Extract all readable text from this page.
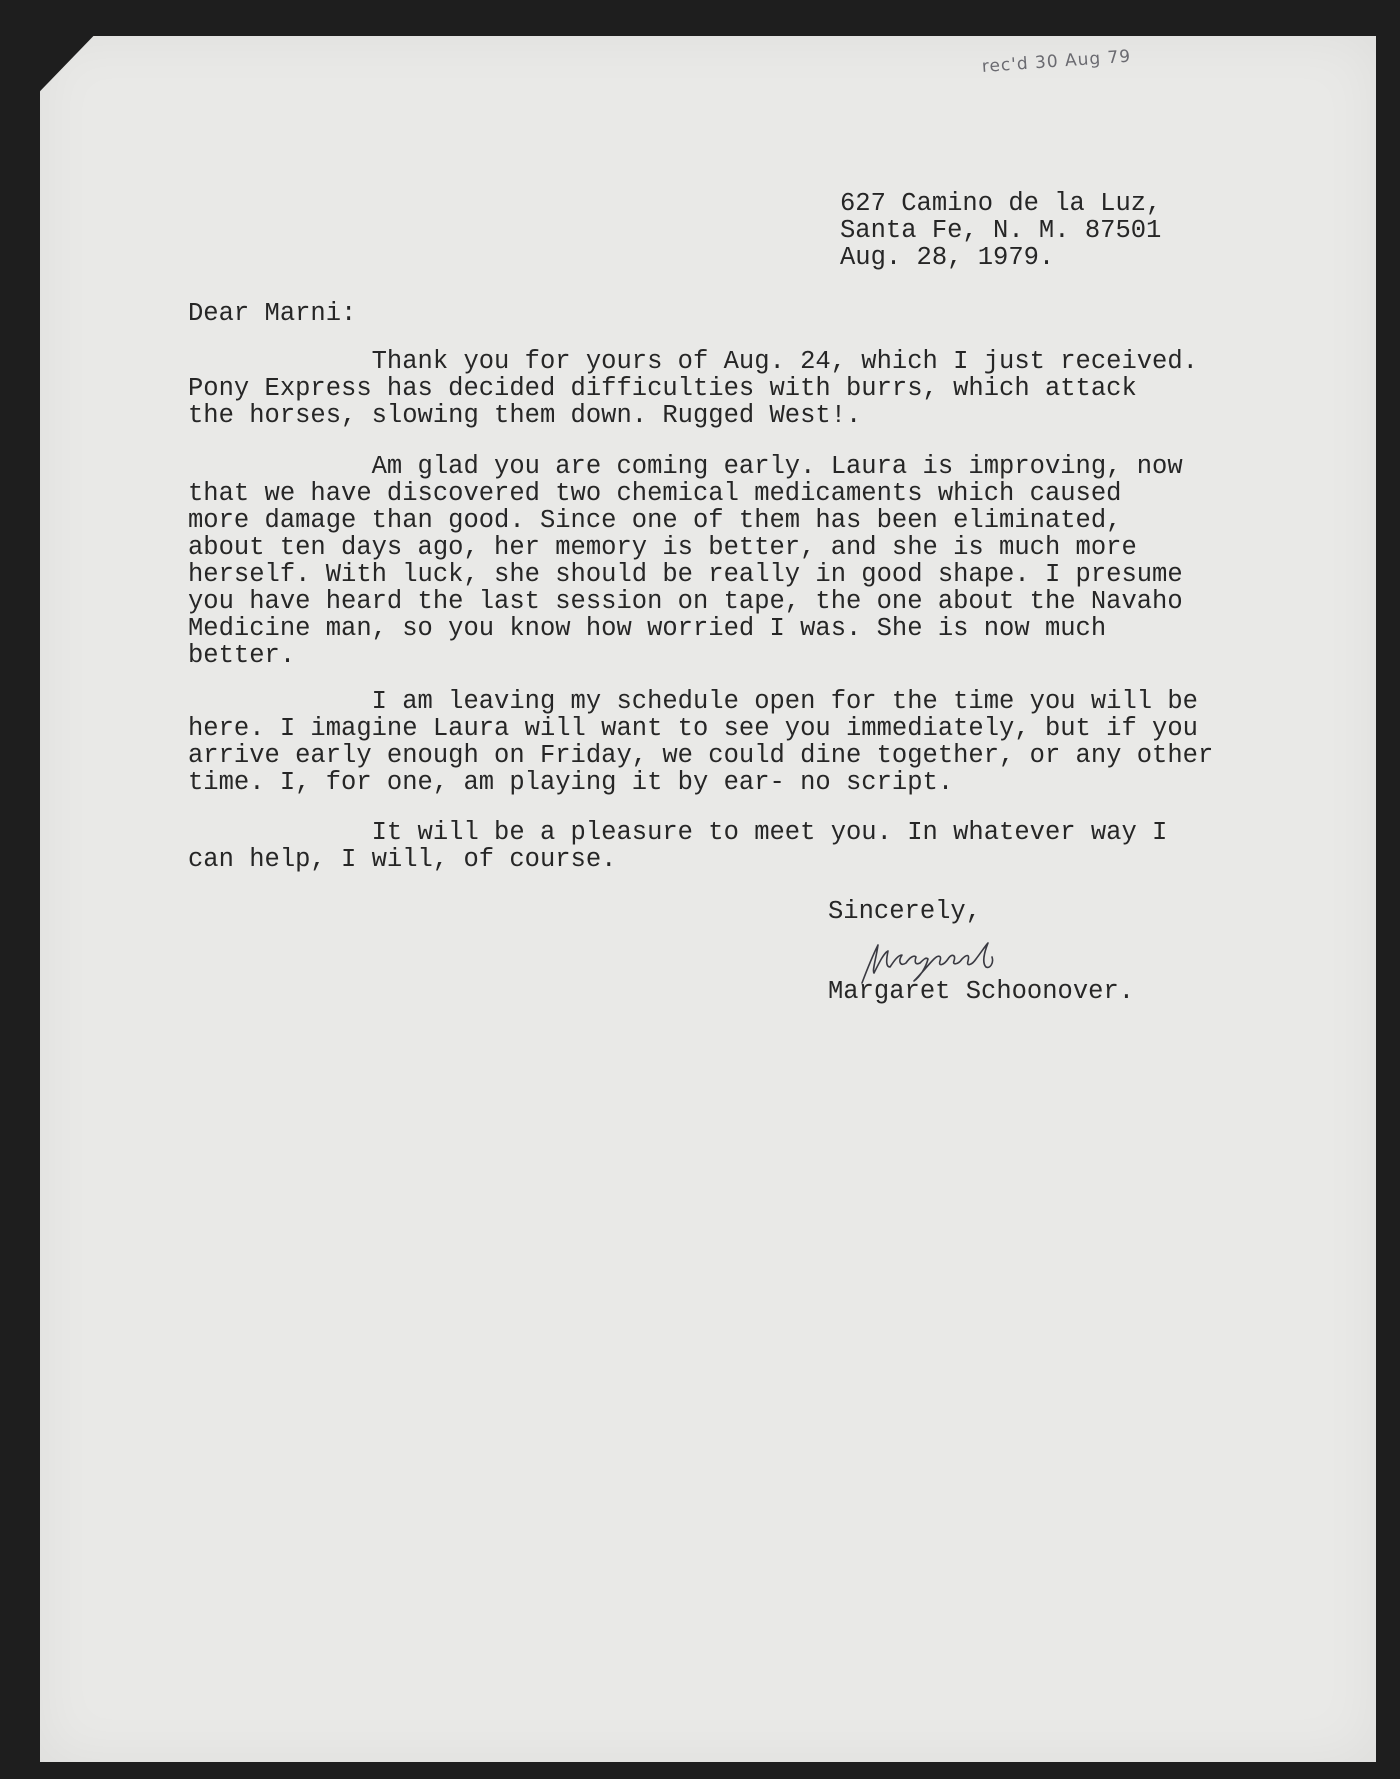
rec'd 30 Aug 79
627 Camino de la Luz,
Santa Fe, N. M. 87501
Aug. 28, 1979.
Dear Marni:

Thank you for yours of Aug. 24, which I just received.
Pony Express has decided difficulties with burrs, which attack
the horses, slowing them down. Rugged West!.

Am glad you are coming early. Laura is improving, now
that we have discovered two chemical medicaments which caused
more damage than good. Since one of them has been eliminated,
about ten days ago, her memory is better, and she is much more
herself. With luck, she should be really in good shape. I presume
you have heard the last session on tape, the one about the Navaho
Medicine man, so you know how worried I was. She is now much
better.

I am leaving my schedule open for the time you will be
here. I imagine Laura will want to see you immediately, but if you
arrive early enough on Friday, we could dine together, or any other
time. I, for one, am playing it by ear- no script.

It will be a pleasure to meet you. In whatever way I
can help, I will, of course.

Sincerely,
Margaret Schoonover.
